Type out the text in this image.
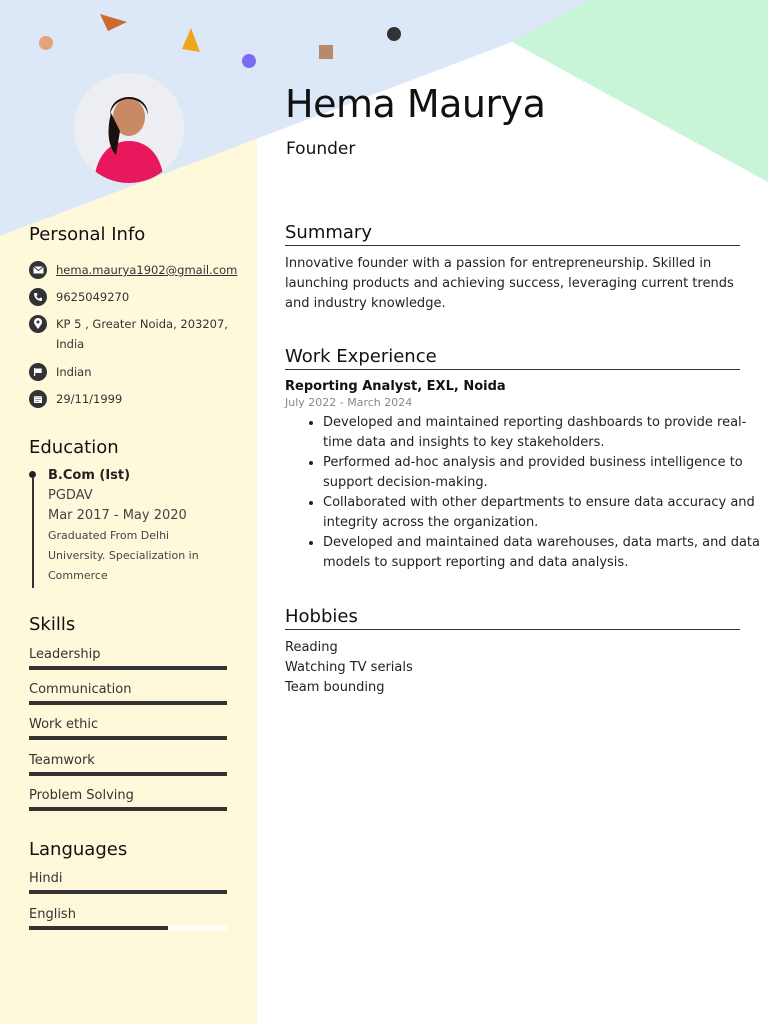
Hema Maurya
Founder
Personal Info
hema.maurya1902@gmail.com
9625049270
KP 5 , Greater Noida, 203207, India
Indian
29/11/1999
Education
B.Com (Ist)
PGDAV
Mar 2017 - May 2020
Graduated From Delhi University. Specialization in Commerce
Skills
Leadership
Communication
Work ethic
Teamwork
Problem Solving
Languages
Hindi
English
Summary
Innovative founder with a passion for entrepreneurship. Skilled in launching products and achieving success, leveraging current trends and industry knowledge.
Work Experience
Reporting Analyst, EXL, Noida
July 2022 - March 2024
• Developed and maintained reporting dashboards to provide real-time data and insights to key stakeholders.
• Performed ad-hoc analysis and provided business intelligence to support decision-making.
• Collaborated with other departments to ensure data accuracy and integrity across the organization.
• Developed and maintained data warehouses, data marts, and data models to support reporting and data analysis.
Hobbies
Reading
Watching TV serials
Team bounding
